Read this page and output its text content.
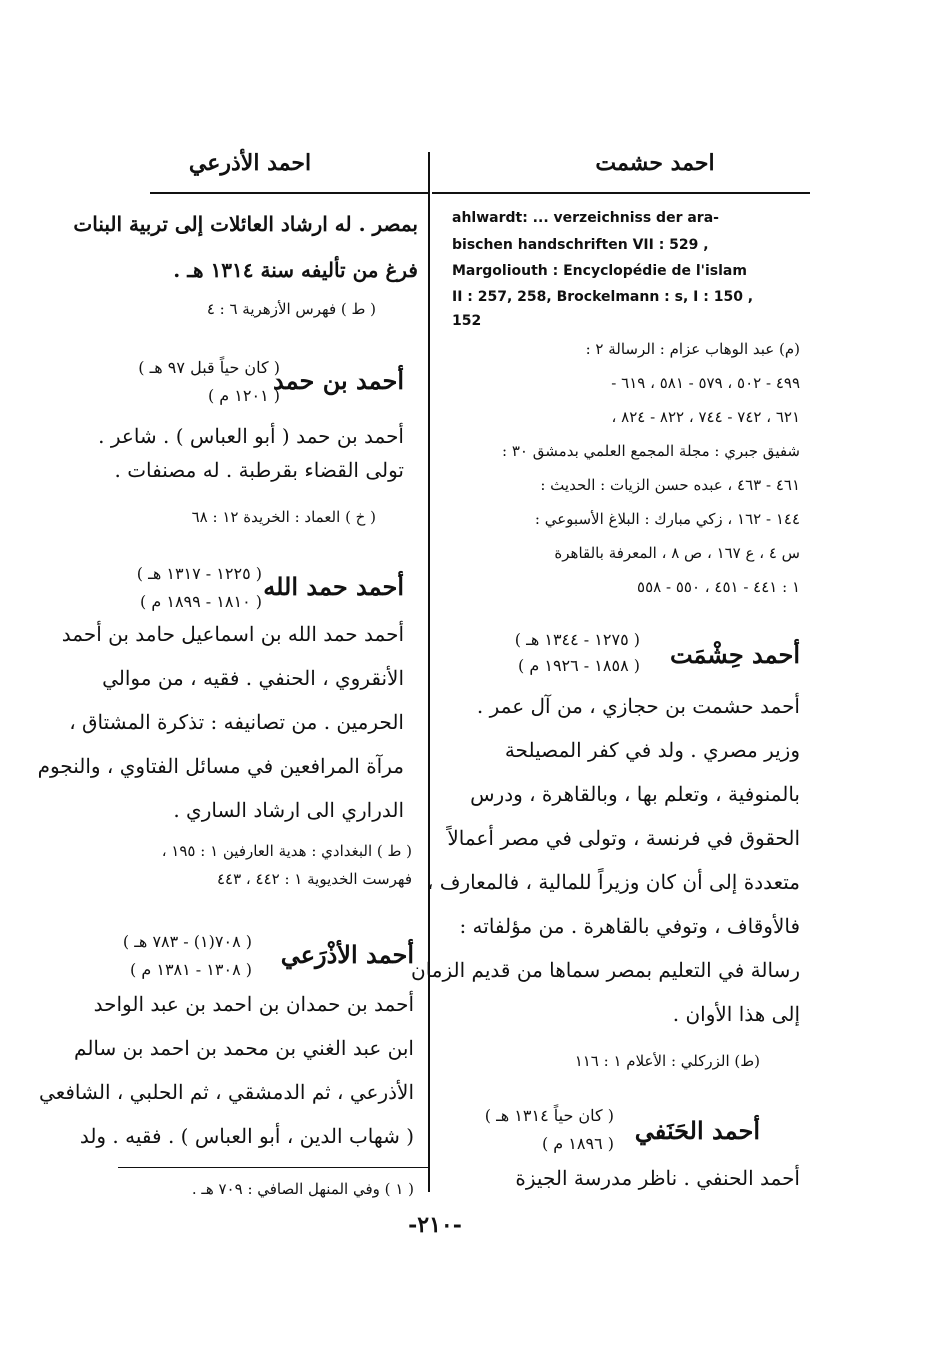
احمد الأذرعي	احمد حشمت
ahlwardt: ... verzeichniss der ara-
bischen handschriften VII : 529 ,
Margoliouth : Encyclopédie de l'islam
II : 257, 258, Brockelmann : s, I : 150 ,
152
(م) عبد الوهاب عزام : الرسالة ٢ :
٤٩٩ - ٥٠٢ ، ٥٧٩ - ٥٨١ ، ٦١٩ -
٦٢١ ، ٧٤٢ - ٧٤٤ ، ٨٢٢ - ٨٢٤ ،
شفيق جبري : مجلة المجمع العلمي بدمشق ٣٠ :
٤٦١ - ٤٦٣ ، عبده حسن الزيات : الحديث :
١٤٤ - ١٦٢ ، زكي مبارك : البلاغ الأسبوعي :
س ٤ ، ع ١٦٧ ، ص ٨ ، المعرفة بالقاهرة
١ : ٤٤١ - ٤٥١ ، ٥٥٠ - ٥٥٨
أحمد حِشْمَت
( ١٢٧٥ - ١٣٤٤ هـ )
( ١٨٥٨ - ١٩٢٦ م )
أحمد حشمت بن حجازي ، من آل عمر .
وزير مصري . ولد في كفر المصيلحة
بالمنوفية ، وتعلم بها ، وبالقاهرة ، ودرس
الحقوق في فرنسة ، وتولى في مصر أعمالاً
متعددة إلى أن كان وزيراً للمالية ، فالمعارف ،
فالأوقاف ، وتوفي بالقاهرة . من مؤلفاته :
رسالة في التعليم بمصر سماها من قديم الزمان
إلى هذا الأوان .
(ط) الزركلي : الأعلام ١ : ١١٦
أحمد الحَنَفي
( كان حياً ١٣١٤ هـ )
( ١٨٩٦ م )
أحمد الحنفي . ناظر مدرسة الجيزة
بمصر . له ارشاد العائلات إلى تربية البنات
فرغ من تأليفه سنة ١٣١٤ هـ .
( ط ) فهرس الأزهرية ٦ : ٤
أحمد بن حمد
( كان حياً قبل ٩٧ هـ )
( ١٢٠١ م )
أحمد بن حمد ( أبو العباس ) . شاعر .
تولى القضاء بقرطبة . له مصنفات .
( خ ) العماد : الخريدة ١٢ : ٦٨
أحمد حمد الله
( ١٢٢٥ - ١٣١٧ هـ )
( ١٨١٠ - ١٨٩٩ م )
أحمد حمد الله بن اسماعيل حامد بن أحمد
الأنقروي ، الحنفي . فقيه ، من موالي
الحرمين . من تصانيفه : تذكرة المشتاق ،
مرآة المرافعين في مسائل الفتاوي ، والنجوم
الدراري الى ارشاد الساري .
( ط ) البغدادي : هدية العارفين ١ : ١٩٥ ،
فهرست الخديوية ١ : ٤٤٢ ، ٤٤٣
أحمد الأذْرَعي
( ٧٠٨(١) - ٧٨٣ هـ )
( ١٣٠٨ - ١٣٨١ م )
أحمد بن حمدان بن احمد بن عبد الواحد
ابن عبد الغني بن محمد بن احمد بن سالم
الأذرعي ، ثم الدمشقي ، ثم الحلبي ، الشافعي
( شهاب الدين ، أبو العباس ) . فقيه . ولد
( ١ ) وفي المنهل الصافي : ٧٠٩ هـ .
-٢١٠-
